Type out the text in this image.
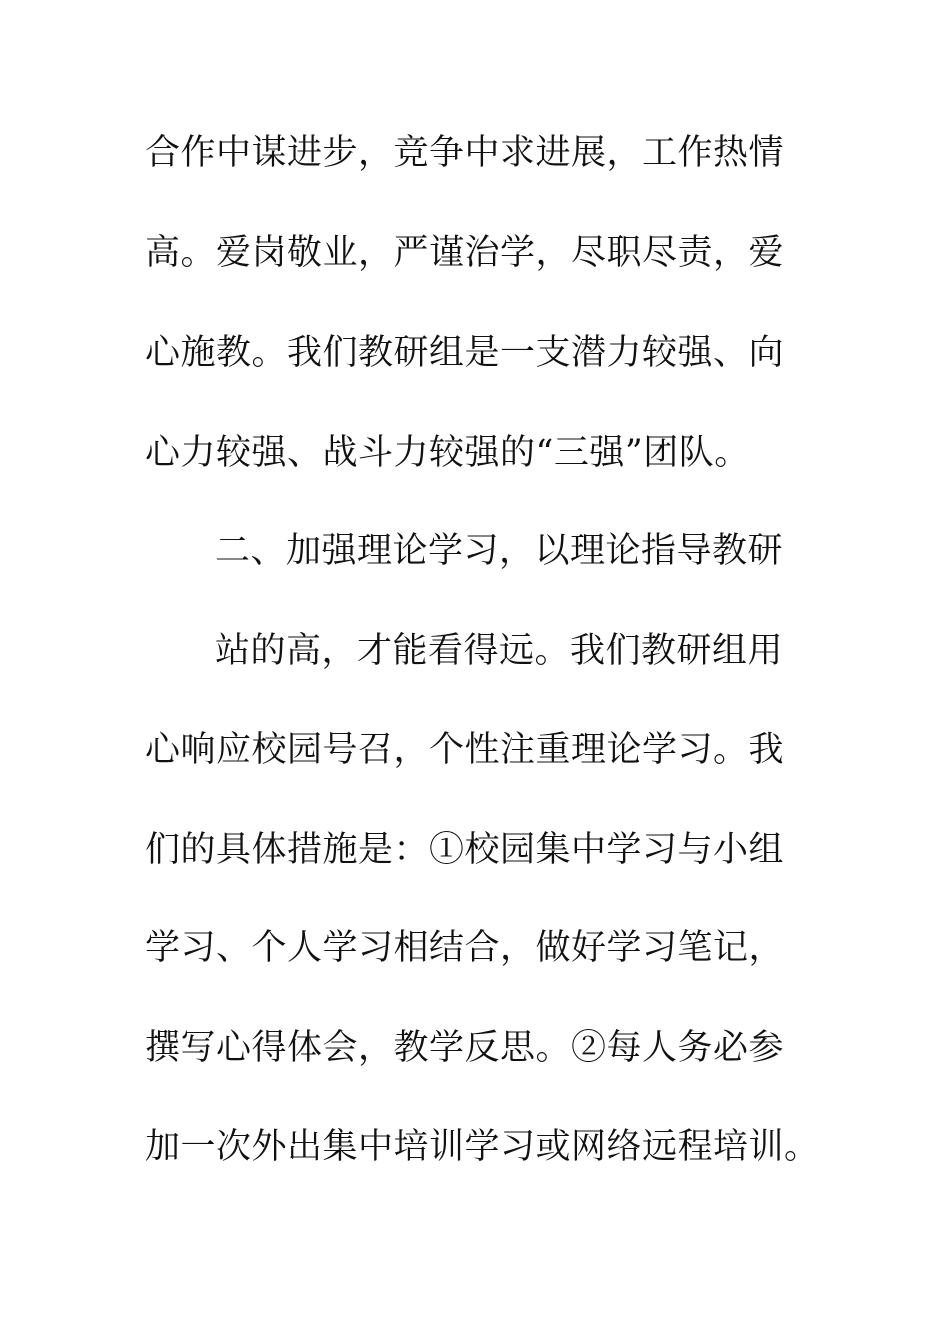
合作中谋进步，竞争中求进展，工作热情
高。爱岗敬业，严谨治学，尽职尽责，爱
心施教。我们教研组是一支潜力较强、向
心力较强、战斗力较强的“三强”团队。
二、加强理论学习，以理论指导教研
站的高，才能看得远。我们教研组用
心响应校园号召，个性注重理论学习。我
们的具体措施是：①校园集中学习与小组
学习、个人学习相结合，做好学习笔记，
撰写心得体会，教学反思。②每人务必参
加一次外出集中培训学习或网络远程培训。
